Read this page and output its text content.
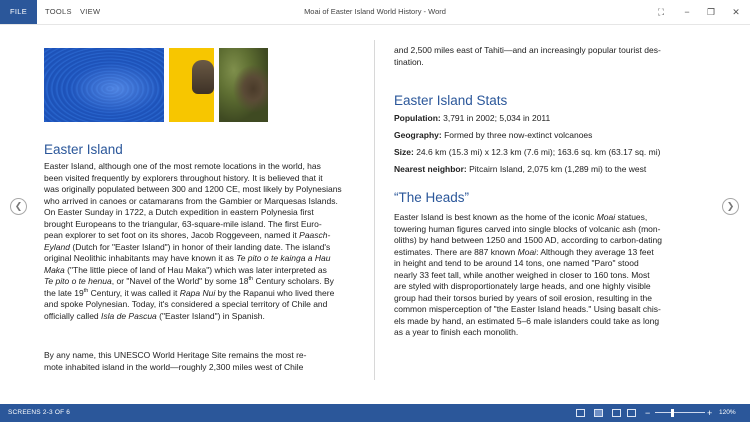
FILE	TOOLS VIEW	Moai of Easter Island World History - Word	⛶	−	❐	✕
Easter Island
Easter Island, although one of the most remote locations in the world, has
been visited frequently by explorers throughout history. It is believed that it
was originally populated between 300 and 1200 CE, most likely by Polynesians
who arrived in canoes or catamarans from the Gambier or Marquesas Islands.
On Easter Sunday in 1722, a Dutch expedition in eastern Polynesia first
brought Europeans to the triangular, 63-square-mile island. The first Euro-
pean explorer to set foot on its shores, Jacob Roggeveen, named it Paasch-
Eyland (Dutch for "Easter Island") in honor of their landing date. The island's
original Neolithic inhabitants may have known it as Te pito o te kainga a Hau
Maka ("The little piece of land of Hau Maka") which was later interpreted as
Te pito o te henua, or "Navel of the World" by some 18th Century scholars. By
the late 19th Century, it was called it Rapa Nui by the Rapanui who lived there
and spoke Polynesian. Today, it's considered a special territory of Chile and
officially called Isla de Pascua ("Easter Island") in Spanish.
By any name, this UNESCO World Heritage Site remains the most re-
mote inhabited island in the world—roughly 2,300 miles west of Chile
and 2,500 miles east of Tahiti—and an increasingly popular tourist des-
tination.
Easter Island Stats
Population: 3,791 in 2002; 5,034 in 2011
Geography: Formed by three now-extinct volcanoes
Size: 24.6 km (15.3 mi) x 12.3 km (7.6 mi); 163.6 sq. km (63.17 sq. mi)
Nearest neighbor: Pitcairn Island, 2,075 km (1,289 mi) to the west
“The Heads”
Easter Island is best known as the home of the iconic Moai statues,
towering human figures carved into single blocks of volcanic ash (mon-
oliths) by hand between 1250 and 1500 AD, according to carbon-dating
estimates. There are 887 known Moai: Although they average 13 feet
in height and tend to be around 14 tons, one named "Paro" stood
nearly 33 feet tall, while another weighed in closer to 160 tons. Most
are styled with disproportionately large heads, and one highly visible
group had their torsos buried by years of soil erosion, resulting in the
common misperception of "the Easter Island heads." Using basalt chis-
els made by hand, an estimated 5–6 male islanders could take as long
as a year to finish each monolith.
❮	❯
SCREENS 2-3 OF 6	−	+ 120%
